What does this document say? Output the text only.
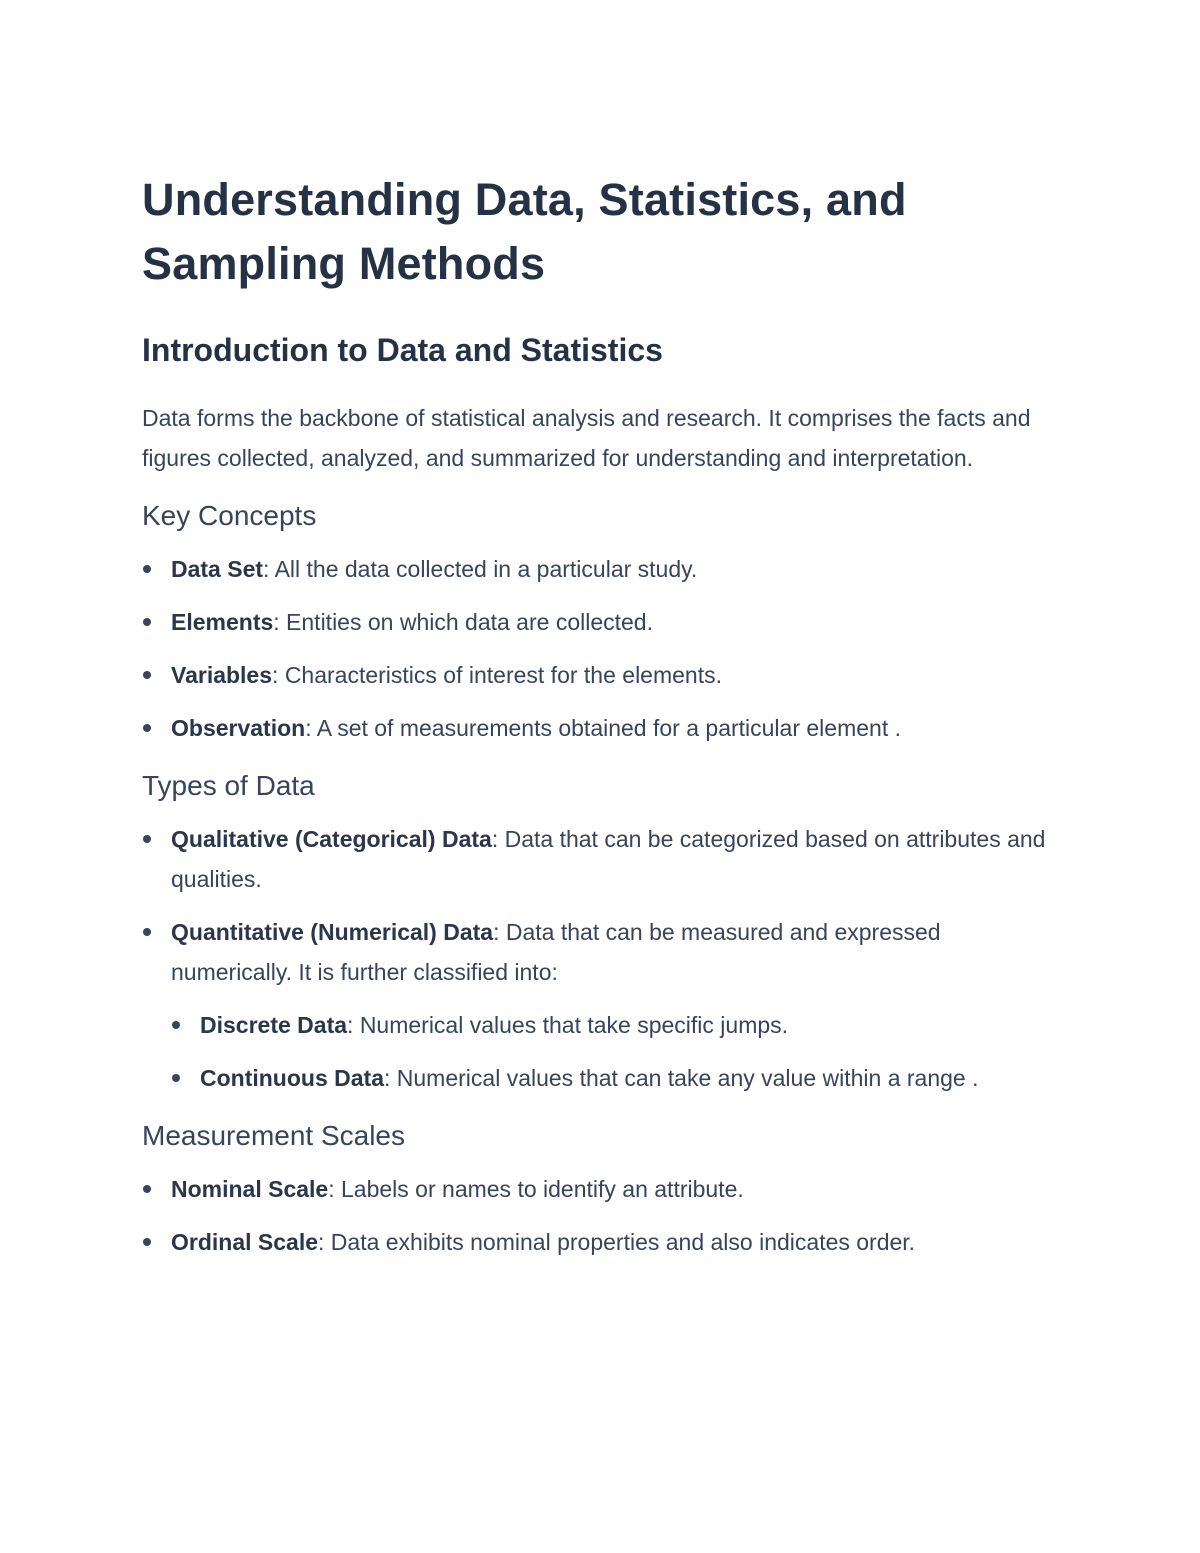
Understanding Data, Statistics, and Sampling Methods
Introduction to Data and Statistics

Data forms the backbone of statistical analysis and research. It comprises the facts and figures collected, analyzed, and summarized for understanding and interpretation.

Key Concepts
Data Set: All the data collected in a particular study.
Elements: Entities on which data are collected.
Variables: Characteristics of interest for the elements.
Observation: A set of measurements obtained for a particular element .
Types of Data
Qualitative (Categorical) Data: Data that can be categorized based on attributes and qualities.
Quantitative (Numerical) Data: Data that can be measured and expressed numerically. It is further classified into:
Discrete Data: Numerical values that take specific jumps.
Continuous Data: Numerical values that can take any value within a range .
Measurement Scales
Nominal Scale: Labels or names to identify an attribute.
Ordinal Scale: Data exhibits nominal properties and also indicates order.
